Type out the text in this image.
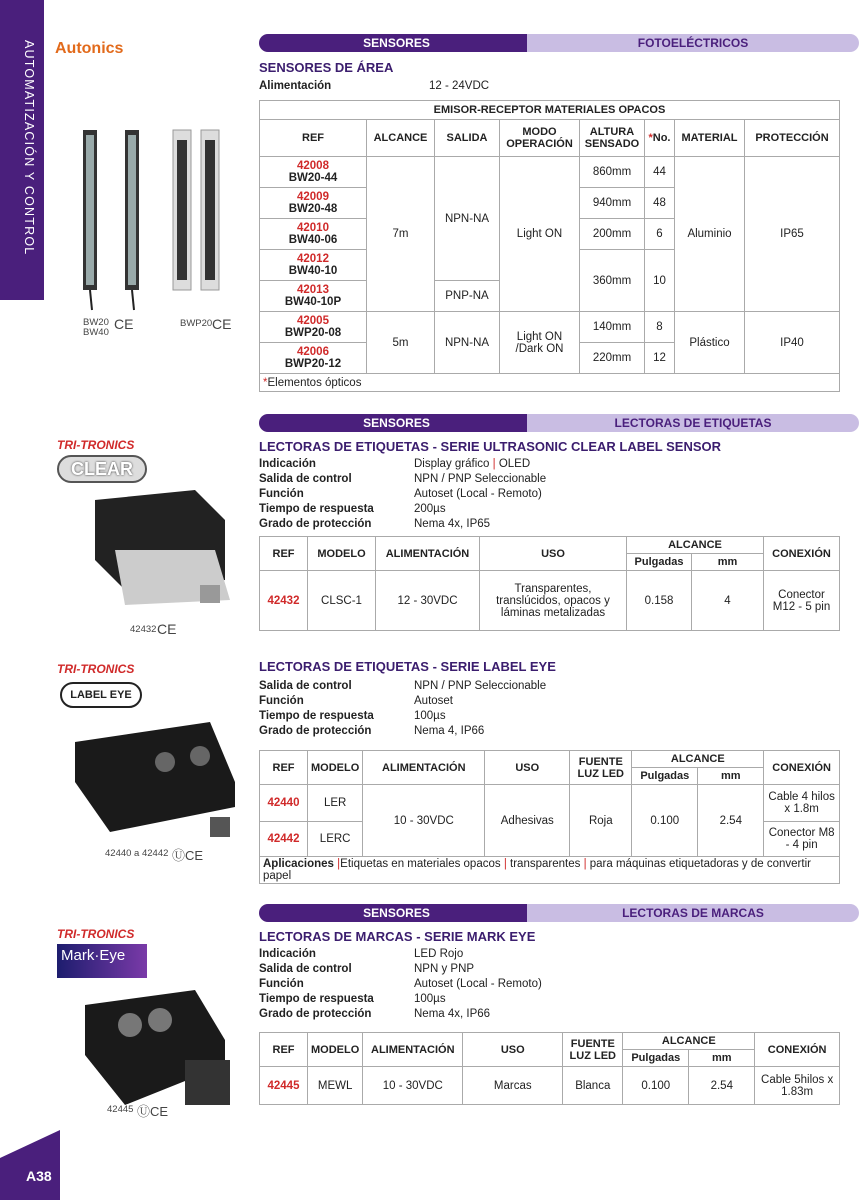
AUTOMATIZACIÓN Y CONTROL
A38
Autonics
BW20 BW40
CE	BWP20 CE
SENSORES	FOTOELÉCTRICOS
SENSORES DE ÁREA
Alimentación	12 - 24VDC
EMISOR-RECEPTOR MATERIALES OPACOS							
REF	ALCANCE	SALIDA	MODO OPERACIÓN	ALTURA SENSADO	*No.	MATERIAL	PROTECCIÓN

42008
BW20-44	7m	NPN-NA	Light ON	860mm	44	Aluminio	IP65

42009
BW20-48				940mm	48		

42010
BW40-06				200mm	6		

42012
BW40-10				360mm	10		

42013
BW40-10P		PNP-NA					

42005
BWP20-08	5m	NPN-NA	Light ON /Dark ON	140mm	8	Plástico	IP40

42006
BWP20-12				220mm	12		
*Elementos ópticos							
SENSORES	LECTORAS DE ETIQUETAS
TRI-TRONICS
CLEAR
42432 CE
LECTORAS DE ETIQUETAS - SERIE ULTRASONIC CLEAR LABEL SENSOR
Indicación	Display gráfico | OLED
Salida de control	NPN / PNP Seleccionable
Función	Autoset (Local - Remoto)
Tiempo de respuesta	200µs
Grado de protección	Nema 4x, IP65
REF	MODELO	ALIMENTACIÓN	USO	ALCANCE		CONEXIÓN
				Pulgadas	mm	
42432	CLSC-1	12 - 30VDC	Transparentes, translúcidos, opacos y láminas metalizadas	0.158	4	Conector M12 - 5 pin
TRI-TRONICS
LABEL EYE
42440 a 42442 ⓊCE
LECTORAS DE ETIQUETAS - SERIE LABEL EYE
Salida de control	NPN / PNP Seleccionable
Función	Autoset
Tiempo de respuesta	100µs
Grado de protección	Nema 4, IP66
REF	MODELO	ALIMENTACIÓN	USO	FUENTE LUZ LED	ALCANCE		CONEXIÓN
					Pulgadas	mm	
42440	LER	10 - 30VDC	Adhesivas	Roja	0.100	2.54	Cable 4 hilos x 1.8m
42442	LERC						Conector M8 - 4 pin
Aplicaciones |Etiquetas en materiales opacos | transparentes | para máquinas etiquetadoras y de convertir papel							
SENSORES	LECTORAS DE MARCAS
TRI-TRONICS
Mark·Eye
42445 ⓊCE
LECTORAS DE MARCAS - SERIE MARK EYE
Indicación	LED Rojo
Salida de control	NPN y PNP
Función	Autoset (Local - Remoto)
Tiempo de respuesta	100µs
Grado de protección	Nema 4x, IP66
REF	MODELO	ALIMENTACIÓN	USO	FUENTE LUZ LED	ALCANCE		CONEXIÓN
					Pulgadas	mm	
42445	MEWL	10 - 30VDC	Marcas	Blanca	0.100	2.54	Cable 5hilos x 1.83m
